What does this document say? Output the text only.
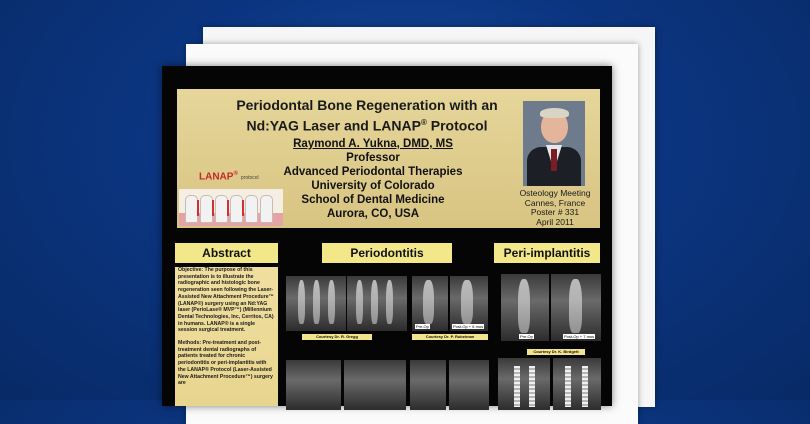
Periodontal Bone Regeneration with an
Nd:YAG Laser and LANAP® Protocol
Raymond A. Yukna, DMD, MS
Professor
Advanced Periodontal Therapies
University of Colorado
School of Dental Medicine
Aurora, CO, USA
LANAP®protocol
Osteology Meeting
Cannes, France
Poster # 331
April 2011
Abstract	Periodontitis	Peri-implantitis

Objective: The purpose of this presentation is to illustrate the radiographic and histologic bone regeneration seen following the Laser-Assisted New Attachment Procedure™ (LANAP®) surgery using an Nd:YAG laser (PerioLase® MVP™) (Millennium Dental Technologies, Inc, Cerritos, CA) in humans. LANAP® is a single session surgical treatment.

Methods: Pre-treatment and post-treatment dental radiographs of patients treated for chronic periodontitis or peri-implantitis with the LANAP® Protocol (Laser-Assisted New Attachment Procedure™) surgery are

Pre-Op	Post-Op + 6 mos
Courtesy Dr. R. Gregg	Courtesy Dr. P. Rubelman	Pre-Op	Post-Op + 7 mos
Courtesy Dr. K. Birdgett
